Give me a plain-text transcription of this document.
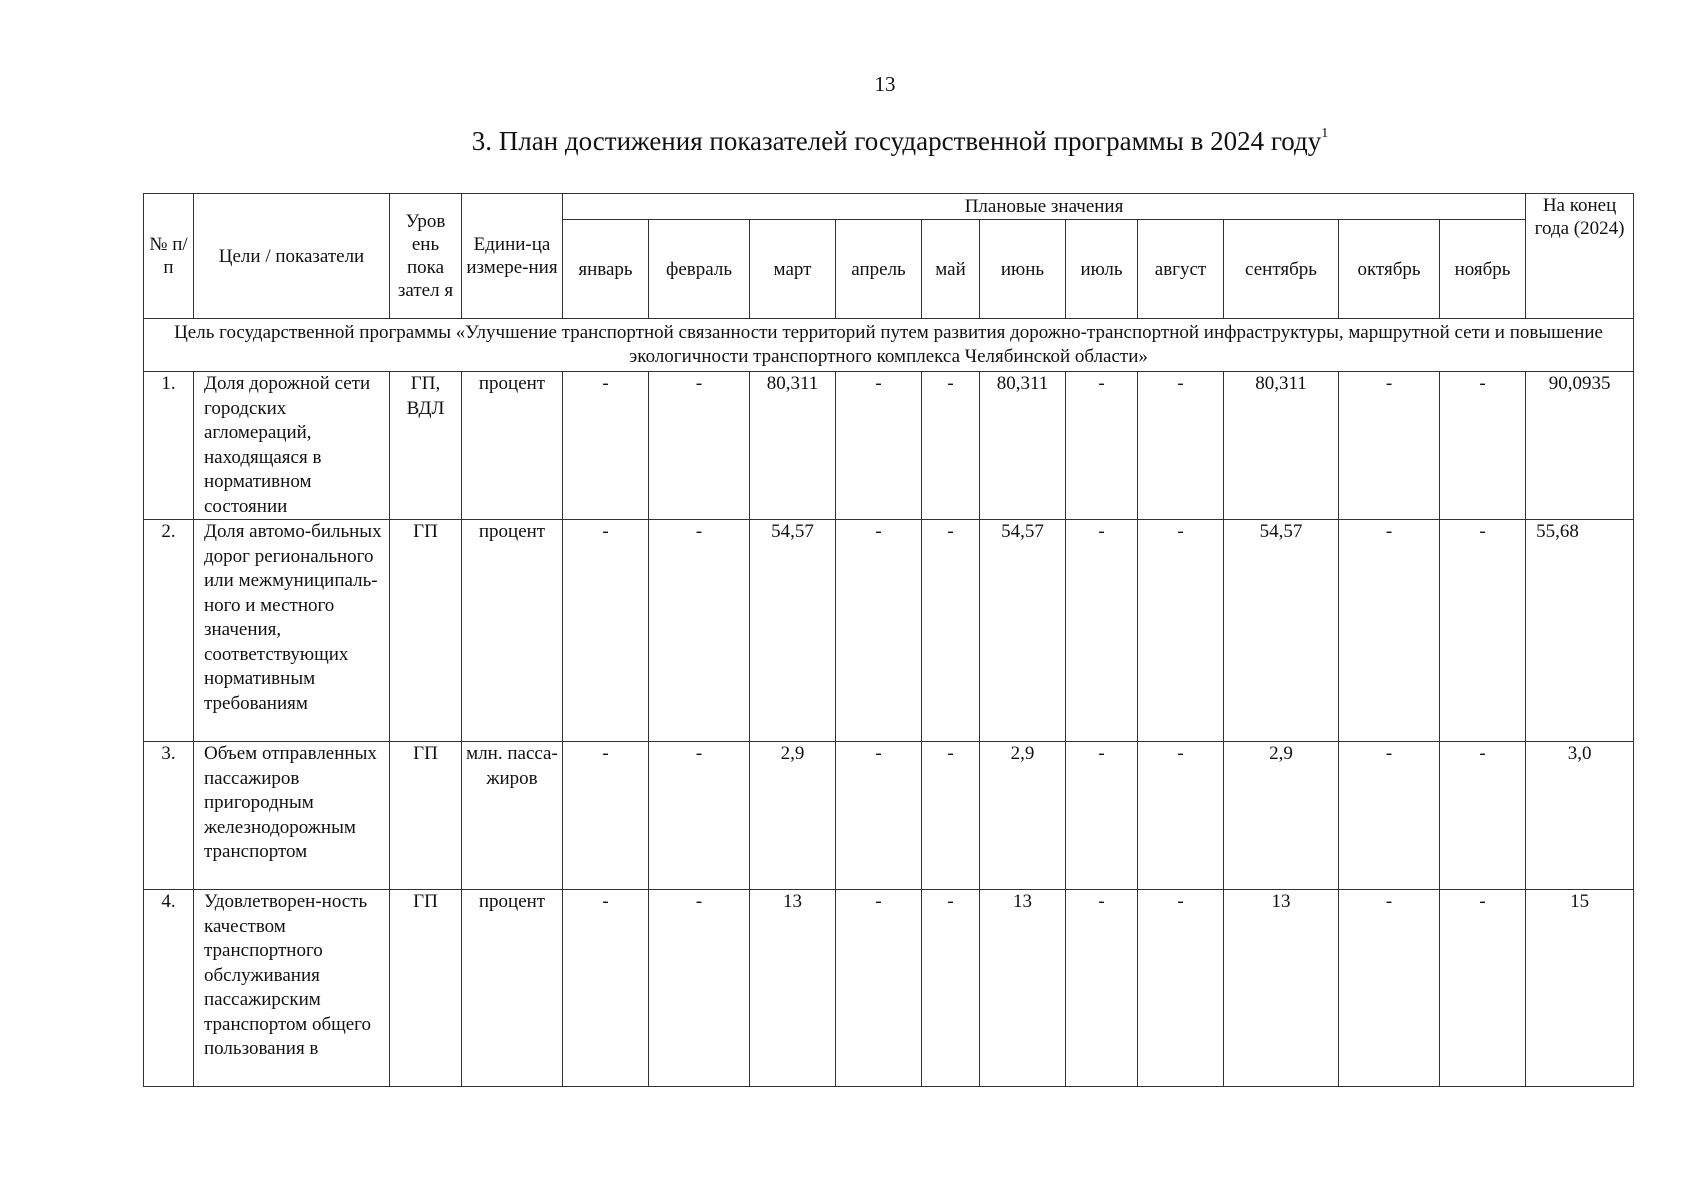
13
3. План достижения показателей государственной программы в 2024 году$^1$
№ п/ п	Цели / показатели	Уров ень пока зател я	Едини-ца измере-ния	Плановые значения											На конец года (2024)
				январь	февраль	март	апрель	май	июнь	июль	август	сентябрь	октябрь	ноябрь	
Цель государственной программы «Улучшение транспортной связанности территорий путем развития дорожно-транспортной инфраструктуры, маршрутной сети и повышение экологичности транспортного комплекса Челябинской области»															
1.	Доля дорожной сети городских агломераций, находящаяся в нормативном состоянии	ГП, ВДЛ	процент	-	-	80,311	-	-	80,311	-	-	80,311	-	-	90,0935
2.	Доля автомо-бильных дорог регионального или межмуниципаль-ного и местного значения, соответствующих нормативным требованиям	ГП	процент	-	-	54,57	-	-	54,57	-	-	54,57	-	-	55,68
3.	Объем отправленных пассажиров пригородным железнодорожным транспортом	ГП	млн. пасса-жиров	-	-	2,9	-	-	2,9	-	-	2,9	-	-	3,0
4.	Удовлетворен-ность качеством транспортного обслуживания пассажирским транспортом общего пользования в	ГП	процент	-	-	13	-	-	13	-	-	13	-	-	15
